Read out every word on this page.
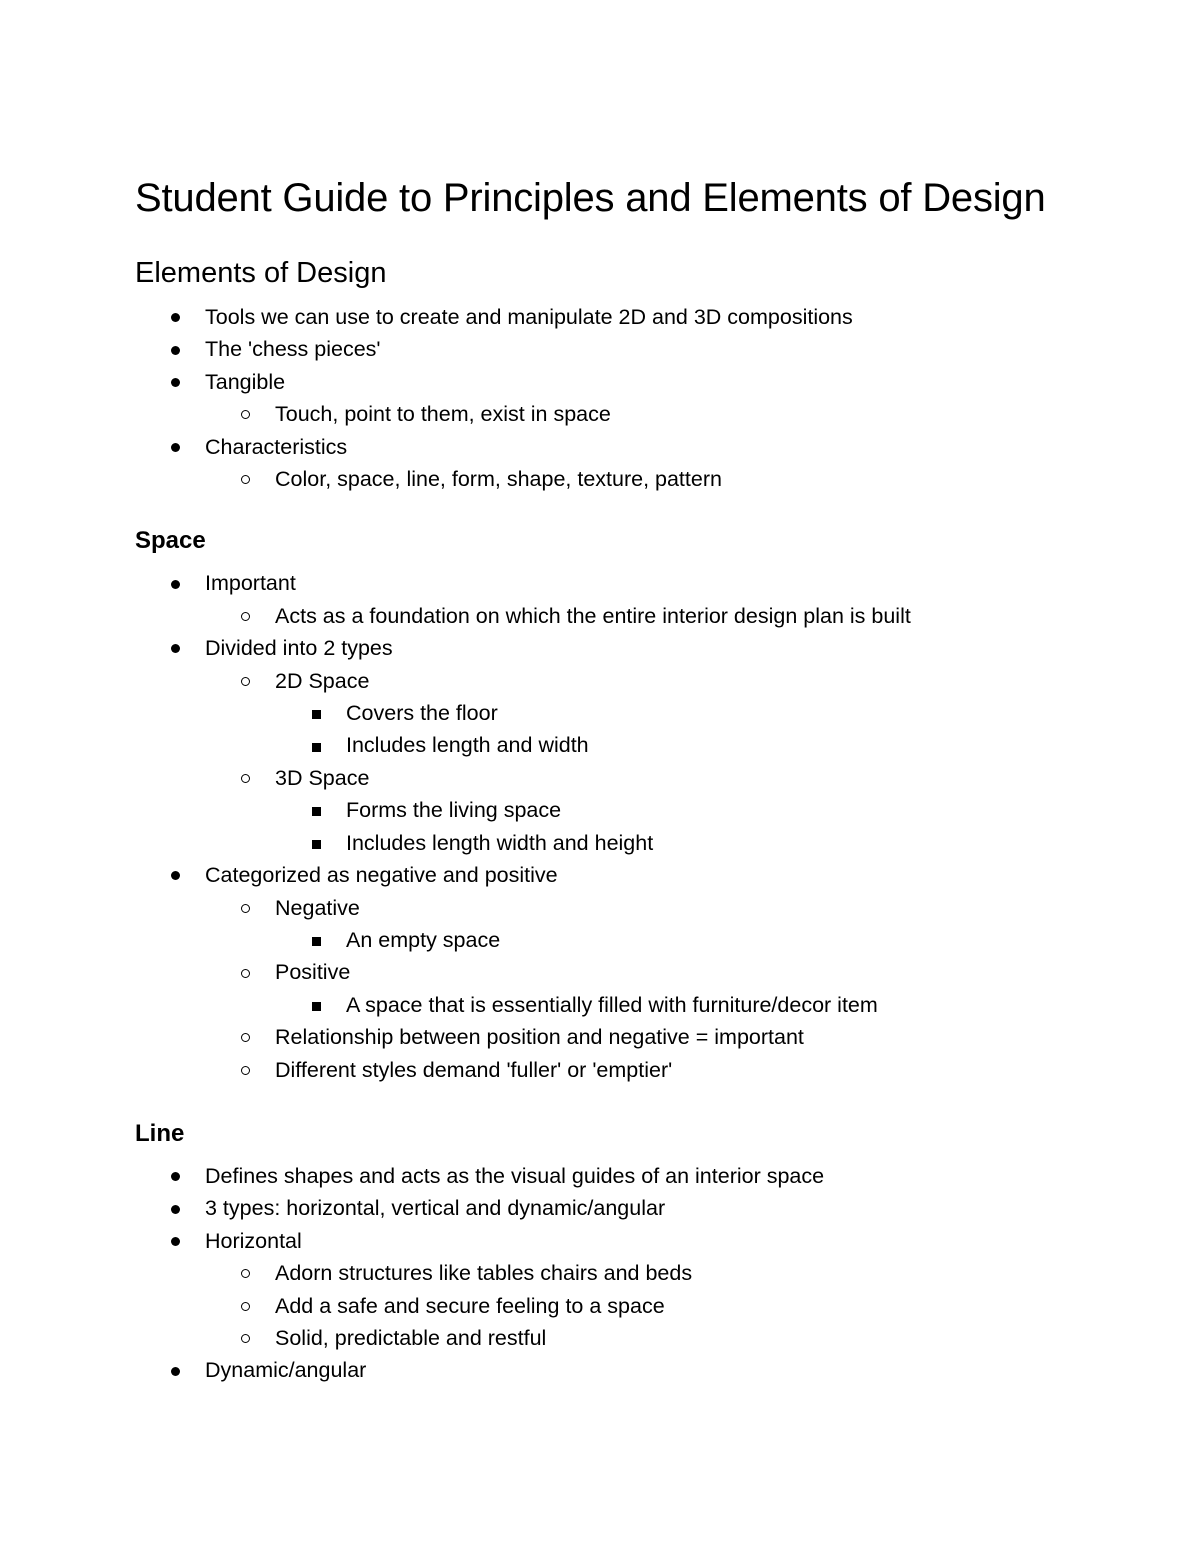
Student Guide to Principles and Elements of Design
Elements of Design
Tools we can use to create and manipulate 2D and 3D compositions
The 'chess pieces'
Tangible
Touch, point to them, exist in space
Characteristics
Color, space, line, form, shape, texture, pattern
Space
Important
Acts as a foundation on which the entire interior design plan is built
Divided into 2 types
2D Space
Covers the floor
Includes length and width
3D Space
Forms the living space
Includes length width and height
Categorized as negative and positive
Negative
An empty space
Positive
A space that is essentially filled with furniture/decor item
Relationship between position and negative = important
Different styles demand 'fuller' or 'emptier'
Line
Defines shapes and acts as the visual guides of an interior space
3 types: horizontal, vertical and dynamic/angular
Horizontal
Adorn structures like tables chairs and beds
Add a safe and secure feeling to a space
Solid, predictable and restful
Dynamic/angular
